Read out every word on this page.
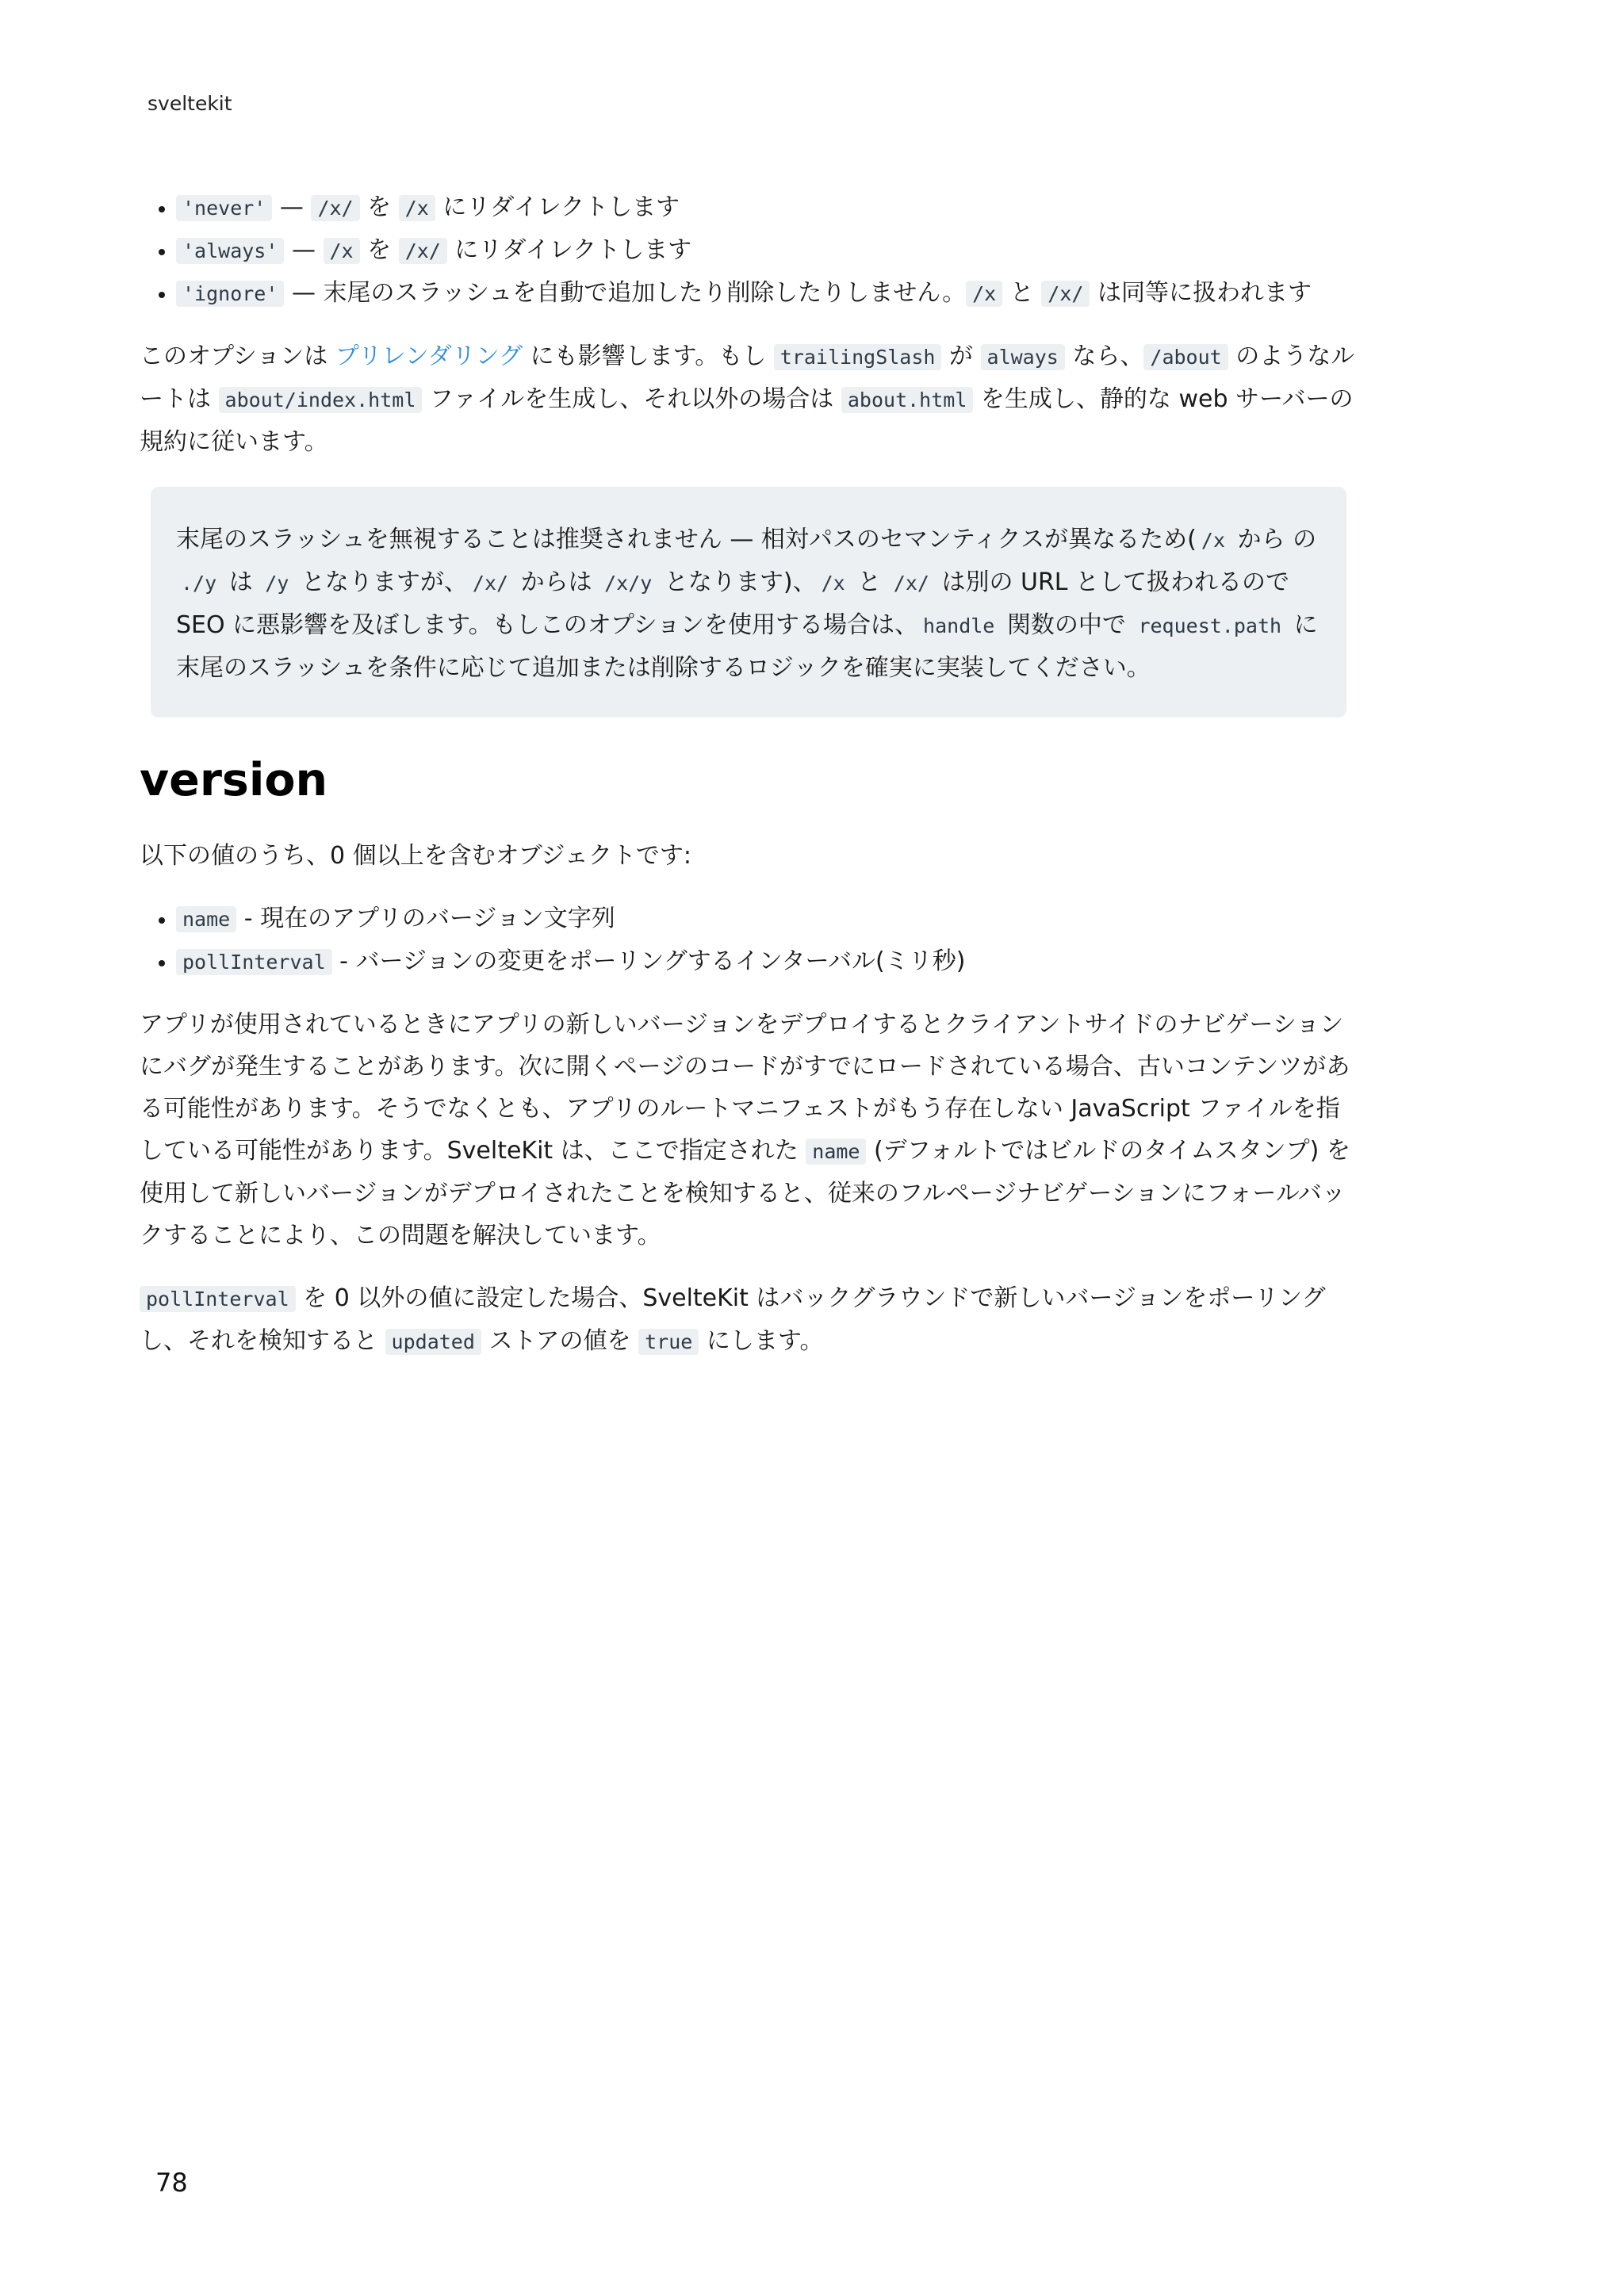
sveltekit
• 'never' — /x/ を /x にリダイレクトします
• 'always' — /x を /x/ にリダイレクトします
• 'ignore' — 末尾のスラッシュを自動で追加したり削除したりしません。 /x と /x/ は同等に扱われます

このオプションは プリレンダリング にも影響します。もし trailingSlash が always なら、 /about のようなルートは about/index.html ファイルを生成し、それ以外の場合は about.html を生成し、静的な web サーバーの規約に従います。

末尾のスラッシュを無視することは推奨されません — 相対パスのセマンティクスが異なるため( /x から の ./y は /y となりますが、 /x/ からは /x/y となります)、 /x と /x/ は別の URL として扱われるので SEO に悪影響を及ぼします。もしこのオプションを使用する場合は、 handle 関数の中で request.path に末尾のスラッシュを条件に応じて追加または削除するロジックを確実に実装してください。
version

以下の値のうち、0 個以上を含むオブジェクトです:

• name - 現在のアプリのバージョン文字列
• pollInterval - バージョンの変更をポーリングするインターバル(ミリ秒)

アプリが使用されているときにアプリの新しいバージョンをデプロイするとクライアントサイドのナビゲーションにバグが発生することがあります。次に開くページのコードがすでにロードされている場合、古いコンテンツがある可能性があります。そうでなくとも、アプリのルートマニフェストがもう存在しない JavaScript ファイルを指している可能性があります。SvelteKit は、ここで指定された name (デフォルトではビルドのタイムスタンプ) を使用して新しいバージョンがデプロイされたことを検知すると、従来のフルページナビゲーションにフォールバックすることにより、この問題を解決しています。

pollInterval を 0 以外の値に設定した場合、SvelteKit はバックグラウンドで新しいバージョンをポーリングし、それを検知すると updated ストアの値を true にします。

78
